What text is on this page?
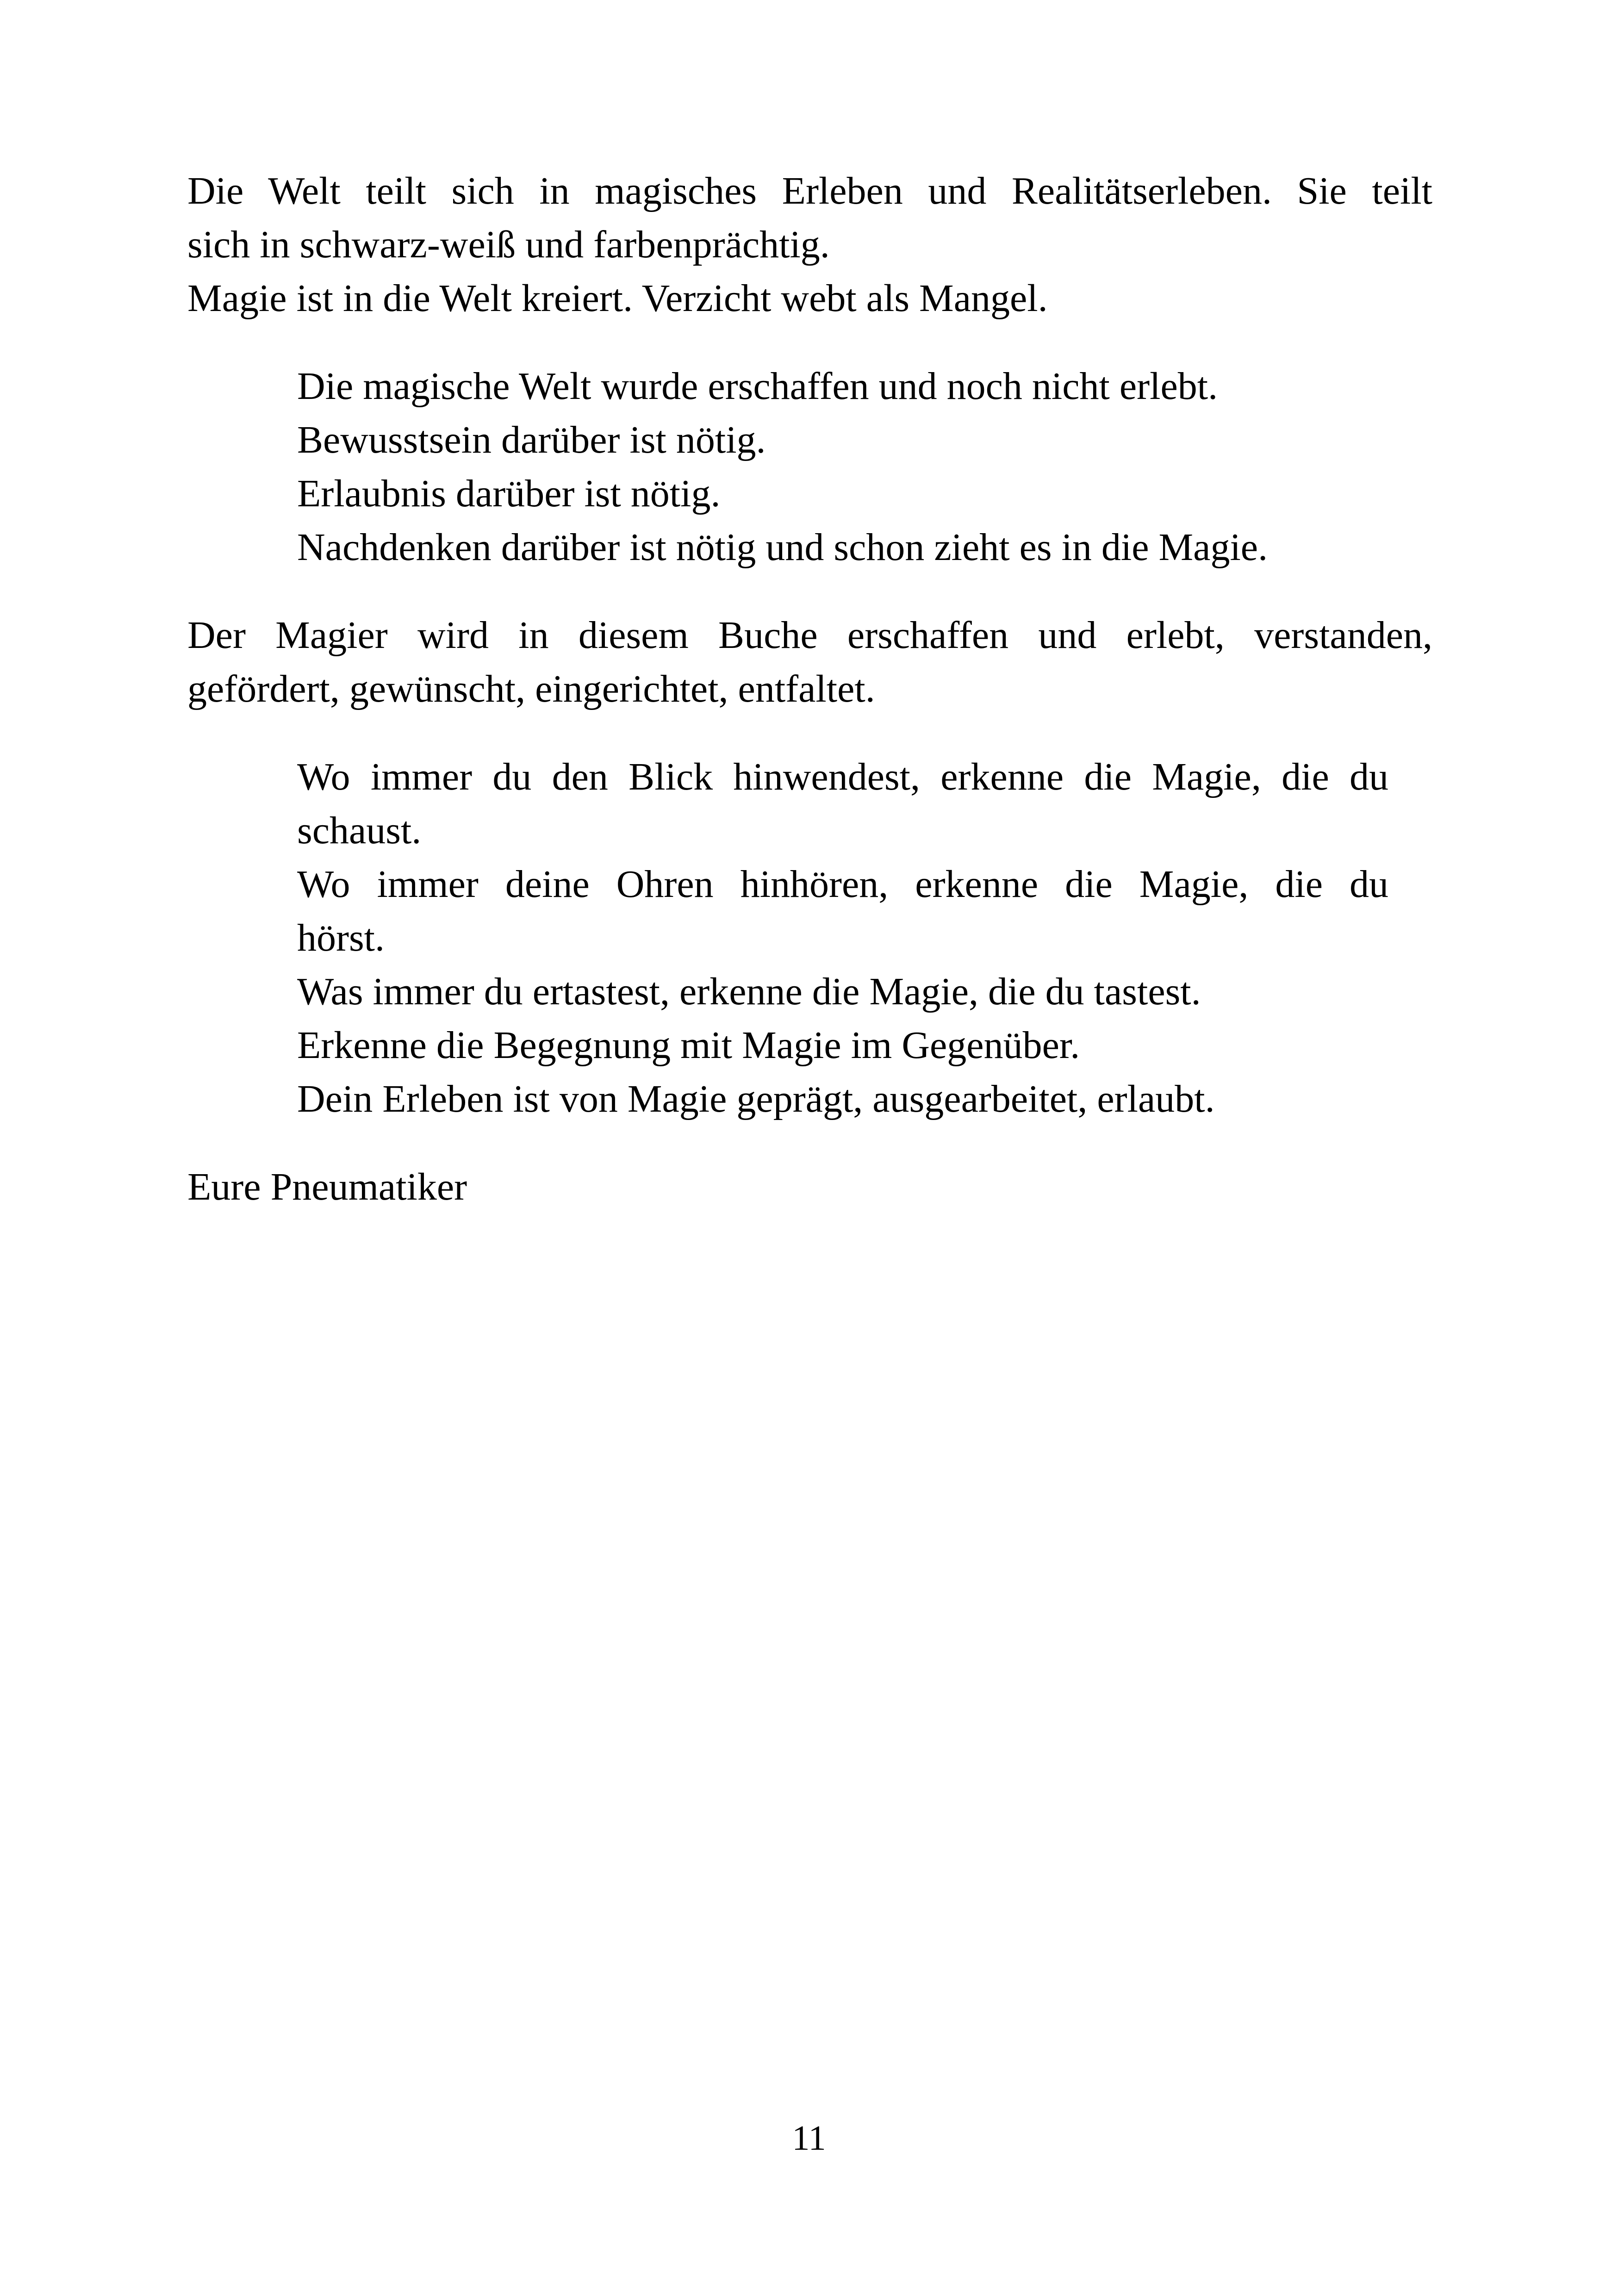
Die Welt teilt sich in magisches Erleben und Realitätserleben. Sie teilt
sich in schwarz-weiß und farbenprächtig.
Magie ist in die Welt kreiert. Verzicht webt als Mangel.
Die magische Welt wurde erschaffen und noch nicht erlebt.
Bewusstsein darüber ist nötig.
Erlaubnis darüber ist nötig.
Nachdenken darüber ist nötig und schon zieht es in die Magie.
Der Magier wird in diesem Buche erschaffen und erlebt, verstanden,
gefördert, gewünscht, eingerichtet, entfaltet.
Wo immer du den Blick hinwendest, erkenne die Magie, die du
schaust.
Wo immer deine Ohren hinhören, erkenne die Magie, die du
hörst.
Was immer du ertastest, erkenne die Magie, die du tastest.
Erkenne die Begegnung mit Magie im Gegenüber.
Dein Erleben ist von Magie geprägt, ausgearbeitet, erlaubt.
Eure Pneumatiker
11
